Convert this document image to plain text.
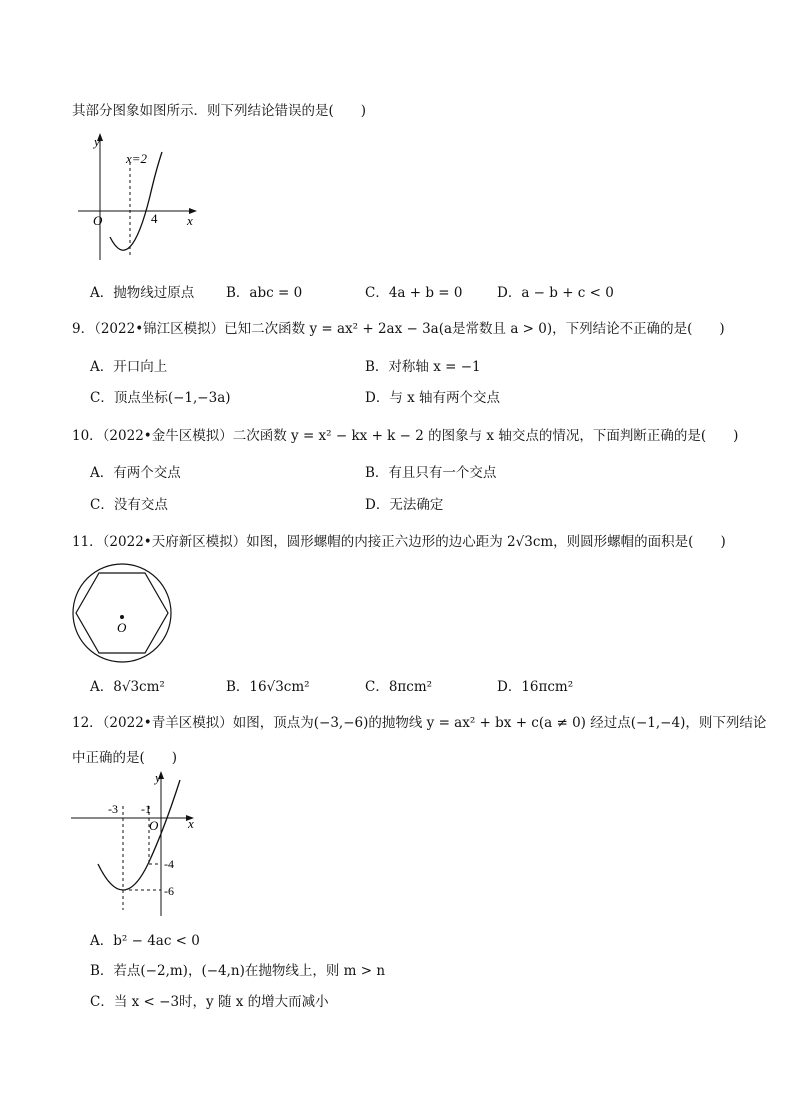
其部分图象如图所示．则下列结论错误的是(　　)
y
x
O
x=2
4
A．抛物线过原点 B．abc = 0	C．4a + b = 0	D．a − b + c < 0
9．（2022•锦江区模拟）已知二次函数 y = ax² + 2ax − 3a(a是常数且 a > 0)，下列结论不正确的是(　　)
A．开口向上	B．对称轴 x = −1
C．顶点坐标(−1,−3a)	D．与 x 轴有两个交点
10．（2022•金牛区模拟）二次函数 y = x² − kx + k − 2 的图象与 x 轴交点的情况，下面判断正确的是(　　)
A．有两个交点	B．有且只有一个交点
C．没有交点	D．无法确定
11．（2022•天府新区模拟）如图，圆形螺帽的内接正六边形的边心距为 2√3cm，则圆形螺帽的面积是(　　)
O
A．8√3cm²	B．16√3cm²	C．8πcm²	D．16πcm²
12．（2022•青羊区模拟）如图，顶点为(−3,−6)的抛物线 y = ax² + bx + c(a ≠ 0) 经过点(−1,−4)，则下列结论
中正确的是(　　)
y
x
O
-3 -1
-4
-6
A．b² − 4ac < 0
B．若点(−2,m)，(−4,n)在抛物线上，则 m > n
C．当 x < −3时，y 随 x 的增大而减小
